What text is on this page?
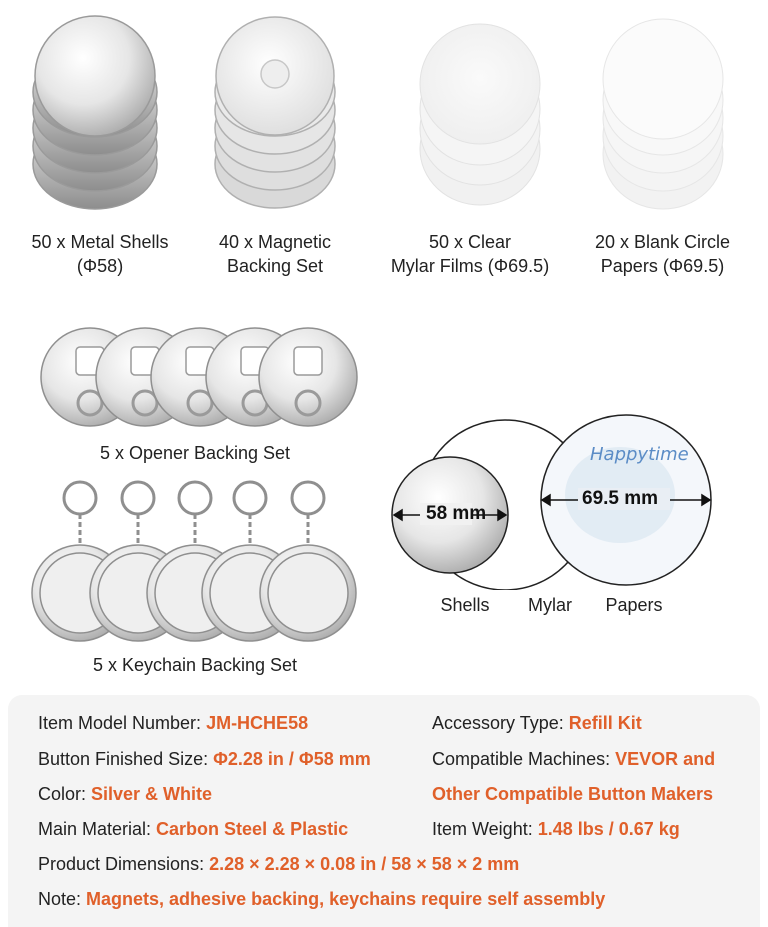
50 x Metal Shells
(Φ58)
40 x Magnetic
Backing Set
50 x Clear
Mylar Films (Φ69.5)
20 x Blank Circle
Papers (Φ69.5)
5 x Opener Backing Set
5 x Keychain Backing Set
Happytime
58 mm
69.5 mm
Shells	Mylar	Papers
Item Model Number: JM-HCHE58	Accessory Type: Refill Kit
Button Finished Size: Φ2.28 in / Φ58 mm	Compatible Machines: VEVOR and
Other Compatible Button Makers
Color: Silver & White
Main Material: Carbon Steel & Plastic	Item Weight: 1.48 lbs / 0.67 kg
Product Dimensions: 2.28 × 2.28 × 0.08 in / 58 × 58 × 2 mm
Note: Magnets, adhesive backing, keychains require self assembly
